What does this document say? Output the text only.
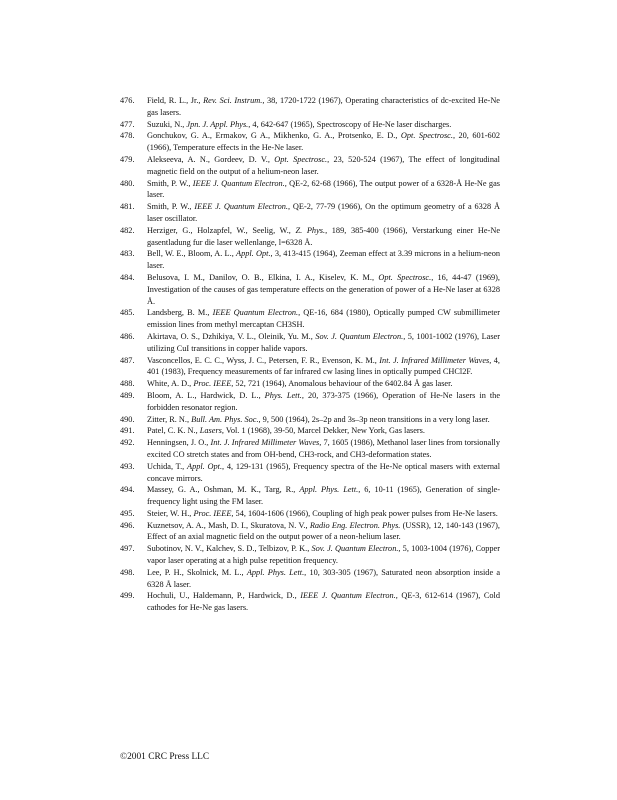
476.	Field, R. L., Jr., Rev. Sci. Instrum., 38, 1720-1722 (1967), Operating characteristics of dc-excited He-Ne gas lasers.
477.	Suzuki, N., Jpn. J. Appl. Phys., 4, 642-647 (1965), Spectroscopy of He-Ne laser discharges.
478.	Gonchukov, G. A., Ermakov, G A., Mikhenko, G. A., Protsenko, E. D., Opt. Spectrosc., 20, 601-602 (1966), Temperature effects in the He-Ne laser.
479.	Alekseeva, A. N., Gordeev, D. V., Opt. Spectrosc., 23, 520-524 (1967), The effect of longitudinal magnetic field on the output of a helium-neon laser.
480.	Smith, P. W., IEEE J. Quantum Electron., QE-2, 62-68 (1966), The output power of a 6328-Å He-Ne gas laser.
481.	Smith, P. W., IEEE J. Quantum Electron., QE-2, 77-79 (1966), On the optimum geometry of a 6328 Å laser oscillator.
482.	Herziger, G., Holzapfel, W., Seelig, W., Z. Phys., 189, 385-400 (1966), Verstarkung einer He-Ne gasentladung fur die laser wellenlange, l=6328 Å.
483.	Bell, W. E., Bloom, A. L., Appl. Opt., 3, 413-415 (1964), Zeeman effect at 3.39 microns in a helium-neon laser.
484.	Belusova, I. M., Danilov, O. B., Elkina, I. A., Kiselev, K. M., Opt. Spectrosc., 16, 44-47 (1969), Investigation of the causes of gas temperature effects on the generation of power of a He-Ne laser at 6328 Å.
485.	Landsberg, B. M., IEEE Quantum Electron., QE-16, 684 (1980), Optically pumped CW submillimeter emission lines from methyl mercaptan CH3SH.
486.	Akirtava, O. S., Dzhikiya, V. L., Oleinik, Yu. M., Sov. J. Quantum Electron., 5, 1001-1002 (1976), Laser utilizing CuI transitions in copper halide vapors.
487.	Vasconcellos, E. C. C., Wyss, J. C., Petersen, F. R., Evenson, K. M., Int. J. Infrared Millimeter Waves, 4, 401 (1983), Frequency measurements of far infrared cw lasing lines in optically pumped CHCl2F.
488.	White, A. D., Proc. IEEE, 52, 721 (1964), Anomalous behaviour of the 6402.84 Å gas laser.
489.	Bloom, A. L., Hardwick, D. L., Phys. Lett., 20, 373-375 (1966), Operation of He-Ne lasers in the forbidden resonator region.
490.	Zitter, R. N., Bull. Am. Phys. Soc., 9, 500 (1964), 2s–2p and 3s–3p neon transitions in a very long laser.
491.	Patel, C. K. N., Lasers, Vol. 1 (1968), 39-50, Marcel Dekker, New York, Gas lasers.
492.	Henningsen, J. O., Int. J. Infrared Millimeter Waves, 7, 1605 (1986), Methanol laser lines from torsionally excited CO stretch states and from OH-bend, CH3-rock, and CH3-deformation states.
493.	Uchida, T., Appl. Opt., 4, 129-131 (1965), Frequency spectra of the He-Ne optical masers with external concave mirrors.
494.	Massey, G. A., Oshman, M. K., Targ, R., Appl. Phys. Lett., 6, 10-11 (1965), Generation of single-frequency light using the FM laser.
495.	Steier, W. H., Proc. IEEE, 54, 1604-1606 (1966), Coupling of high peak power pulses from He-Ne lasers.
496.	Kuznetsov, A. A., Mash, D. I., Skuratova, N. V., Radio Eng. Electron. Phys. (USSR), 12, 140-143 (1967), Effect of an axial magnetic field on the output power of a neon-helium laser.
497.	Subotinov, N. V., Kalchev, S. D., Telbizov, P. K., Sov. J. Quantum Electron., 5, 1003-1004 (1976), Copper vapor laser operating at a high pulse repetition frequency.
498.	Lee, P. H., Skolnick, M. L., Appl. Phys. Lett., 10, 303-305 (1967), Saturated neon absorption inside a 6328 Å laser.
499.	Hochuli, U., Haldemann, P., Hardwick, D., IEEE J. Quantum Electron., QE-3, 612-614 (1967), Cold cathodes for He-Ne gas lasers.
©2001 CRC Press LLC
